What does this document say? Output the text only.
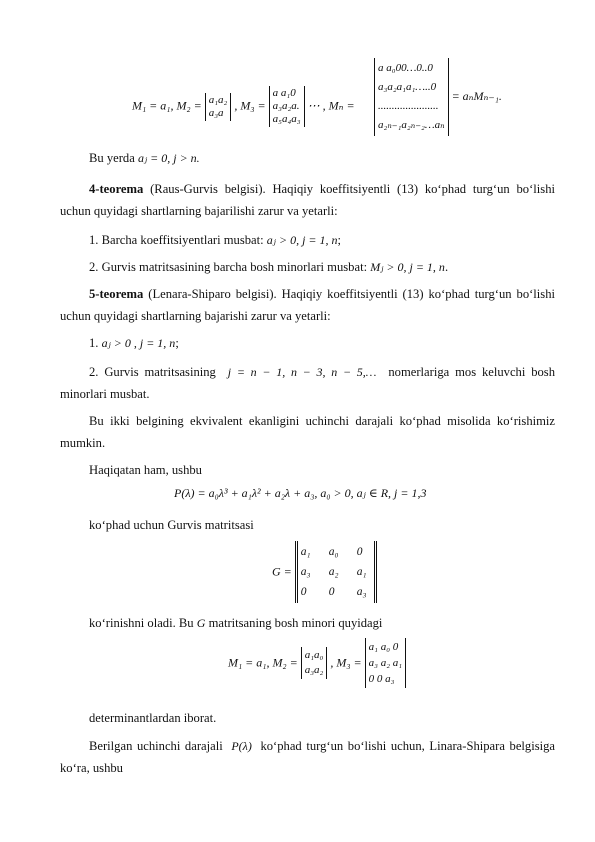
M₁ = a₁, M₂ = a₁a₂
a₃a
, M₃ =
a a₁0
a₃a₂a.
a₅a₄a₃
⋯ , Mₙ =
a a₀00…0..0
a₃a₂a₁a₁…..0
......................
a₂ₙ₋₁a₂ₙ₋₂…aₙ
= aₙMₙ₋₁.

Bu yerda aⱼ = 0, j > n.

4-teorema (Raus-Gurvis belgisi). Haqiqiy koeffitsiyentli (13) ko‘phad turg‘un bo‘lishi uchun quyidagi shartlarning bajarilishi zarur va yetarli:

1. Barcha koeffitsiyentlari musbat: aⱼ > 0, j = 1, n;

2. Gurvis matritsasining barcha bosh minorlari musbat: Mⱼ > 0, j = 1, n.

5-teorema (Lenara-Shiparo belgisi). Haqiqiy koeffitsiyentli (13) ko‘phad turg‘un bo‘lishi uchun quyidagi shartlarning bajarishi zarur va yetarli:

1. aⱼ > 0 , j = 1, n;

2. Gurvis matritsasining j = n − 1, n − 3, n − 5,… nomerlariga mos keluvchi bosh minorlari musbat.

Bu ikki belgining ekvivalent ekanligini uchinchi darajali ko‘phad misolida ko‘rishimiz mumkin.

Haqiqatan ham, ushbu

P(λ) = a₀λ³ + a₁λ² + a₂λ + a₃, a₀ > 0, aⱼ ∈ R, j = 1,3

ko‘phad uchun Gurvis matritsasi

G =
a₁ a₀ 0
a₃ a₂ a₁
0 0 a₃

ko‘rinishni oladi. Bu G matritsaning bosh minori quyidagi

M₁ = a₁, M₂ =
a₁a₀
a₃a₂
, M₃ =
a₁ a₀ 0
a₃ a₂ a₁
0 0 a₃

determinantlardan iborat.

Berilgan uchinchi darajali P(λ) ko‘phad turg‘un bo‘lishi uchun, Linara-Shipara belgisiga ko‘ra, ushbu
